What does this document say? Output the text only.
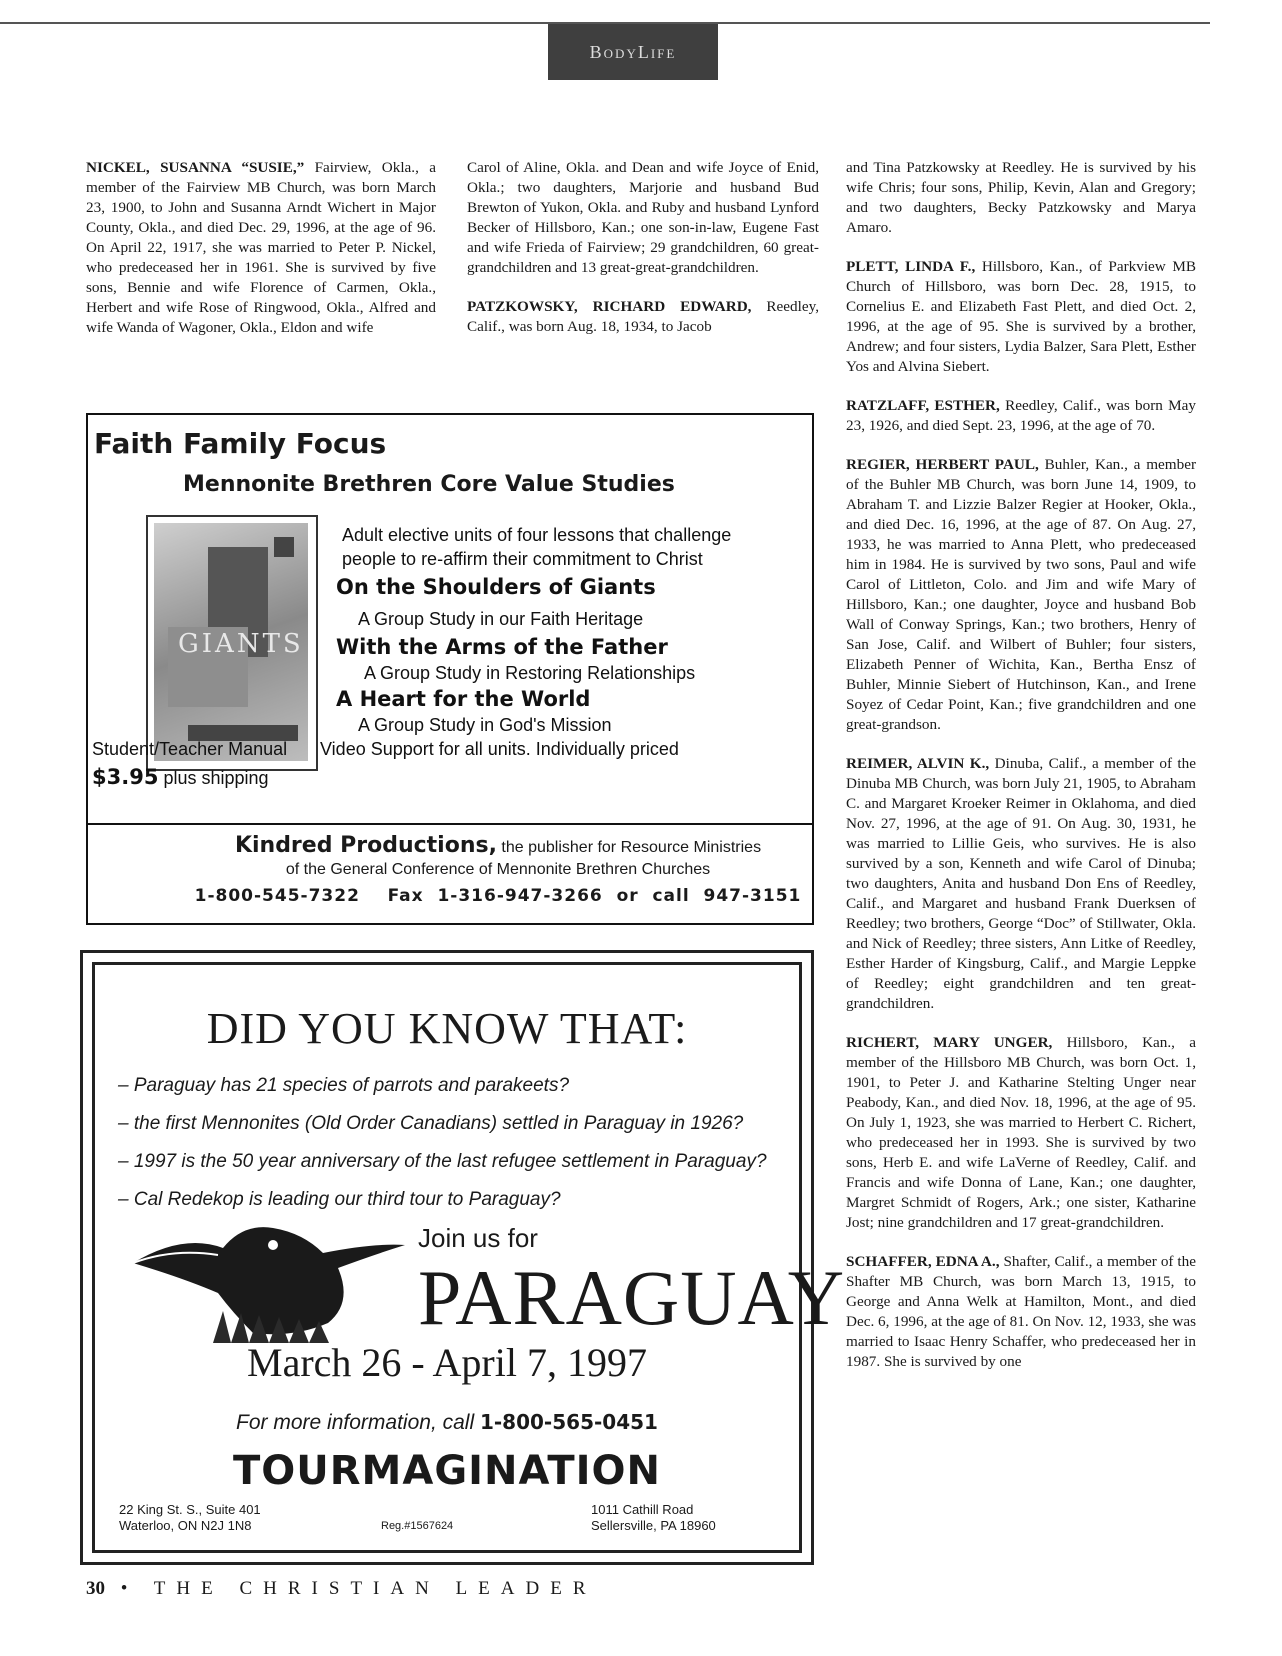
BodyLife

NICKEL, SUSANNA “SUSIE,” Fairview, Okla., a member of the Fairview MB Church, was born March 23, 1900, to John and Susanna Arndt Wichert in Major County, Okla., and died Dec. 29, 1996, at the age of 96. On April 22, 1917, she was married to Peter P. Nickel, who predeceased her in 1961. She is survived by five sons, Bennie and wife Florence of Carmen, Okla., Herbert and wife Rose of Ringwood, Okla., Alfred and wife Wanda of Wagoner, Okla., Eldon and wife

Carol of Aline, Okla. and Dean and wife Joyce of Enid, Okla.; two daughters, Marjorie and husband Bud Brewton of Yukon, Okla. and Ruby and husband Lynford Becker of Hillsboro, Kan.; one son-in-law, Eugene Fast and wife Frieda of Fairview; 29 grandchildren, 60 great-grandchildren and 13 great-great-grandchildren.

PATZKOWSKY, RICHARD EDWARD, Reedley, Calif., was born Aug. 18, 1934, to Jacob

and Tina Patzkowsky at Reedley. He is survived by his wife Chris; four sons, Philip, Kevin, Alan and Gregory; and two daughters, Becky Patzkowsky and Marya Amaro.

PLETT, LINDA F., Hillsboro, Kan., of Parkview MB Church of Hillsboro, was born Dec. 28, 1915, to Cornelius E. and Elizabeth Fast Plett, and died Oct. 2, 1996, at the age of 95. She is survived by a brother, Andrew; and four sisters, Lydia Balzer, Sara Plett, Esther Yos and Alvina Siebert.

RATZLAFF, ESTHER, Reedley, Calif., was born May 23, 1926, and died Sept. 23, 1996, at the age of 70.

REGIER, HERBERT PAUL, Buhler, Kan., a member of the Buhler MB Church, was born June 14, 1909, to Abraham T. and Lizzie Balzer Regier at Hooker, Okla., and died Dec. 16, 1996, at the age of 87. On Aug. 27, 1933, he was married to Anna Plett, who predeceased him in 1984. He is survived by two sons, Paul and wife Carol of Littleton, Colo. and Jim and wife Mary of Hillsboro, Kan.; one daughter, Joyce and husband Bob Wall of Conway Springs, Kan.; two brothers, Henry of San Jose, Calif. and Wilbert of Buhler; four sisters, Elizabeth Penner of Wichita, Kan., Bertha Ensz of Buhler, Minnie Siebert of Hutchinson, Kan., and Irene Soyez of Cedar Point, Kan.; five grandchildren and one great-grandson.

REIMER, ALVIN K., Dinuba, Calif., a member of the Dinuba MB Church, was born July 21, 1905, to Abraham C. and Margaret Kroeker Reimer in Oklahoma, and died Nov. 27, 1996, at the age of 91. On Aug. 30, 1931, he was married to Lillie Geis, who survives. He is also survived by a son, Kenneth and wife Carol of Dinuba; two daughters, Anita and husband Don Ens of Reedley, Calif., and Margaret and husband Frank Duerksen of Reedley; two brothers, George “Doc” of Stillwater, Okla. and Nick of Reedley; three sisters, Ann Litke of Reedley, Esther Harder of Kingsburg, Calif., and Margie Leppke of Reedley; eight grandchildren and ten great-grandchildren.

RICHERT, MARY UNGER, Hillsboro, Kan., a member of the Hillsboro MB Church, was born Oct. 1, 1901, to Peter J. and Katharine Stelting Unger near Peabody, Kan., and died Nov. 18, 1996, at the age of 95. On July 1, 1923, she was married to Herbert C. Richert, who predeceased her in 1993. She is survived by two sons, Herb E. and wife LaVerne of Reedley, Calif. and Francis and wife Donna of Lane, Kan.; one daughter, Margret Schmidt of Rogers, Ark.; one sister, Katharine Jost; nine grandchildren and 17 great-grandchildren.

SCHAFFER, EDNA A., Shafter, Calif., a member of the Shafter MB Church, was born March 13, 1915, to George and Anna Welk at Hamilton, Mont., and died Dec. 6, 1996, at the age of 81. On Nov. 12, 1933, she was married to Isaac Henry Schaffer, who predeceased her in 1987. She is survived by one

Faith Family Focus
Mennonite Brethren Core Value Studies
GIANTS
Adult elective units of four lessons that challenge
people to re-affirm their commitment to Christ
On the Shoulders of Giants
A Group Study in our Faith Heritage
With the Arms of the Father
A Group Study in Restoring Relationships
A Heart for the World
A Group Study in God's Mission
Student/Teacher Manual Video Support for all units. Individually priced
$3.95 plus shipping
Kindred Productions, the publisher for Resource Ministries
of the General Conference of Mennonite Brethren Churches
1-800-545-7322    Fax  1-316-947-3266  or  call  947-3151
DID YOU KNOW THAT:
– Paraguay has 21 species of parrots and parakeets?
– the first Mennonites (Old Order Canadians) settled in Paraguay in 1926?
– 1997 is the 50 year anniversary of the last refugee settlement in Paraguay?
– Cal Redekop is leading our third tour to Paraguay?
Join us for
PARAGUAY
March 26 - April 7, 1997
For more information, call 1-800-565-0451
TOURMAGINATION
22 King St. S., Suite 401
Waterloo, ON N2J 1N8	Reg.#1567624
1011 Cathill Road
Sellersville, PA 18960
30 • THE CHRISTIAN LEADER
